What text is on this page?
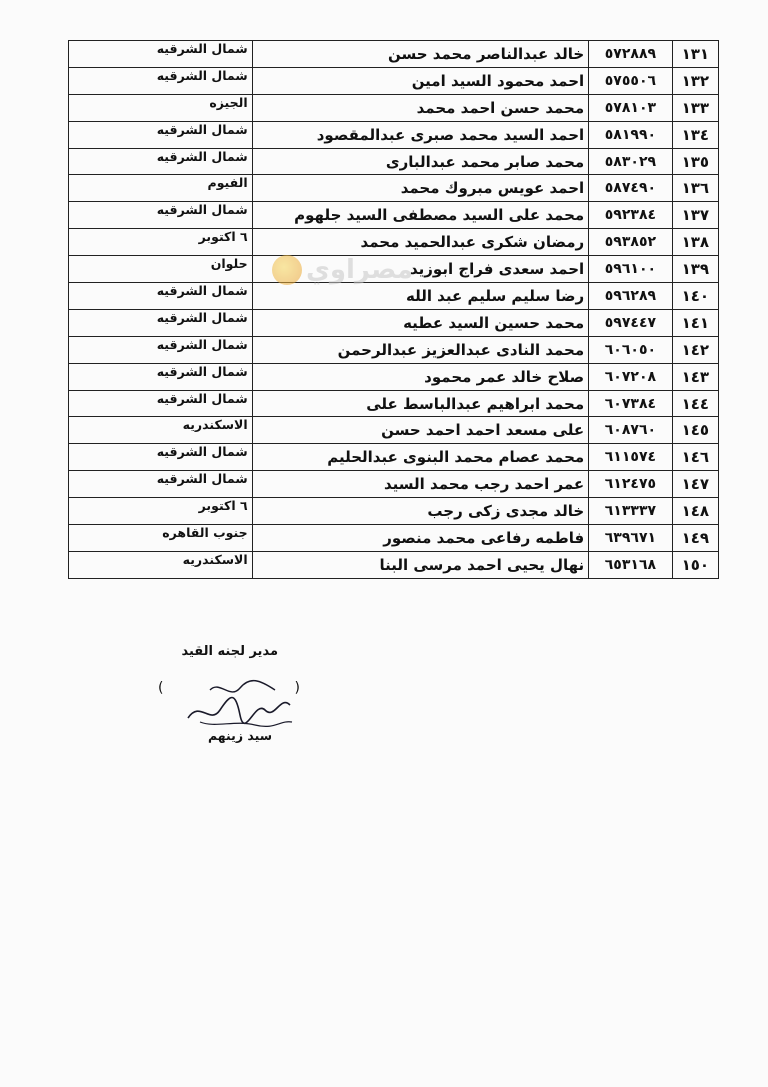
١٣١	٥٧٢٨٨٩	خالد عبدالناصر محمد حسن	شمال الشرقيه
١٣٢	٥٧٥٥٠٦	احمد محمود السيد امين	شمال الشرقيه
١٣٣	٥٧٨١٠٣	محمد حسن احمد محمد	الجيزه
١٣٤	٥٨١٩٩٠	احمد السيد محمد صبرى عبدالمقصود	شمال الشرقيه
١٣٥	٥٨٣٠٢٩	محمد صابر محمد عبدالبارى	شمال الشرقيه
١٣٦	٥٨٧٤٩٠	احمد عويس مبروك محمد	الفيوم
١٣٧	٥٩٢٣٨٤	محمد على السيد مصطفى السيد جلهوم	شمال الشرقيه
١٣٨	٥٩٣٨٥٢	رمضان شكرى عبدالحميد محمد	٦ اكتوبر
١٣٩	٥٩٦١٠٠	احمد سعدى فراج ابوزيد	حلوان
١٤٠	٥٩٦٢٨٩	رضا سليم سليم عبد الله	شمال الشرقيه
١٤١	٥٩٧٤٤٧	محمد حسين السيد عطيه	شمال الشرقيه
١٤٢	٦٠٦٠٥٠	محمد النادى عبدالعزيز عبدالرحمن	شمال الشرقيه
١٤٣	٦٠٧٢٠٨	صلاح خالد عمر محمود	شمال الشرقيه
١٤٤	٦٠٧٣٨٤	محمد ابراهيم عبدالباسط على	شمال الشرقيه
١٤٥	٦٠٨٧٦٠	على مسعد احمد احمد حسن	الاسكندريه
١٤٦	٦١١٥٧٤	محمد عصام محمد البنوى عبدالحليم	شمال الشرقيه
١٤٧	٦١٢٤٧٥	عمر احمد رجب محمد السيد	شمال الشرقيه
١٤٨	٦١٣٣٣٧	خالد مجدى زكى رجب	٦ اكتوبر
١٤٩	٦٣٩٦٧١	فاطمه رفاعى محمد منصور	جنوب القاهره
١٥٠	٦٥٣١٦٨	نهال يحيى احمد مرسى البنا	الاسكندريه
مصراوي
مدير لجنه القيد
(
)
سيد زينهم
